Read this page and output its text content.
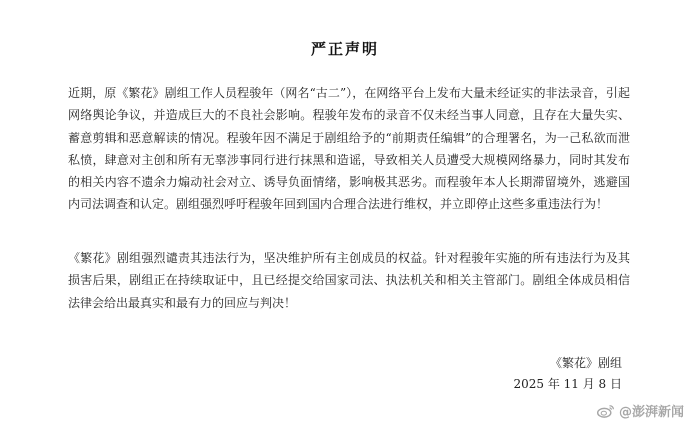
严正声明

近期，原《繁花》剧组工作人员程骏年（网名“古二”），在网络平台上发布大量未经证实的非法录音，引起网络舆论争议，并造成巨大的不良社会影响。程骏年发布的录音不仅未经当事人同意，且存在大量失实、蓄意剪辑和恶意解读的情况。程骏年因不满足于剧组给予的“前期责任编辑”的合理署名，为一己私欲而泄私愤，肆意对主创和所有无辜涉事同行进行抹黑和造谣，导致相关人员遭受大规模网络暴力，同时其发布的相关内容不遗余力煽动社会对立、诱导负面情绪，影响极其恶劣。而程骏年本人长期滞留境外，逃避国内司法调查和认定。剧组强烈呼吁程骏年回到国内合理合法进行维权，并立即停止这些多重违法行为！

《繁花》剧组强烈谴责其违法行为，坚决维护所有主创成员的权益。针对程骏年实施的所有违法行为及其损害后果，剧组正在持续取证中，且已经提交给国家司法、执法机关和相关主管部门。剧组全体成员相信法律会给出最真实和最有力的回应与判决！

《繁花》剧组
2025 年 11 月 8 日
@澎湃新闻
